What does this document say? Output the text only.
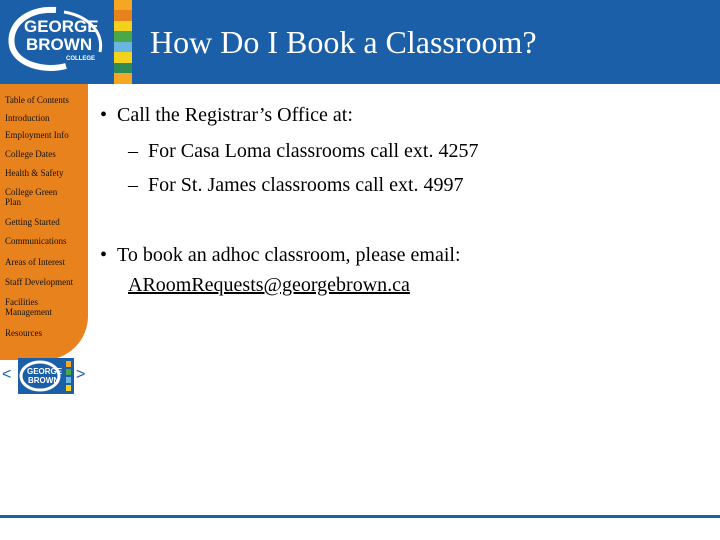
GEORGE
BROWN
COLLEGE How Do I Book a Classroom?
Table of Contents
Introduction
Employment Info
College Dates
Health & Safety
College Green Plan
Getting Started
Communications
Areas of Interest
Staff Development
Facilities Management
Resources
< GEORGE
BROWN >
•  Call the Registrar’s Office at:
–  For Casa Loma classrooms call ext. 4257
–  For St. James classrooms call ext. 4997
•  To book an adhoc classroom, please email:
ARoomRequests@georgebrown.ca
